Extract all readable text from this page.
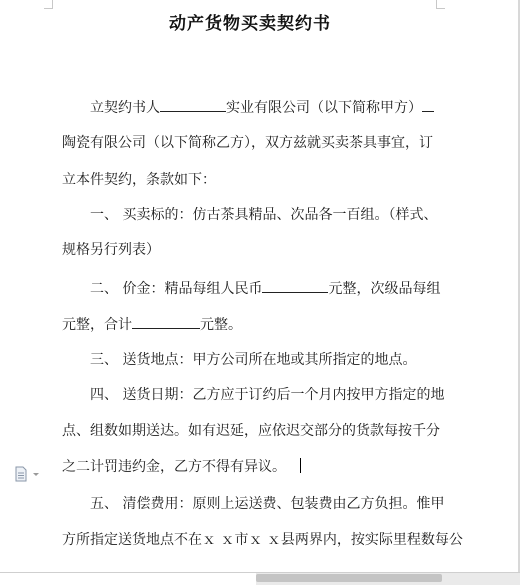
动产货物买卖契约书
立契约书人	实业有限公司（以下简称甲方）
陶瓷有限公司（以下简称乙方），双方兹就买卖茶具事宜，订
立本件契约，条款如下：
一、 买卖标的：仿古茶具精品、次品各一百组。（样式、
规格另行列表）
二、 价金：精品每组人民币	元整，次级品每组
元整，合计	元整。
三、 送货地点：甲方公司所在地或其所指定的地点。
四、 送货日期：乙方应于订约后一个月内按甲方指定的地
点、组数如期送达。如有迟延，应依迟交部分的货款每按千分
之二计罚违约金，乙方不得有异议。
五、 清偿费用：原则上运送费、包装费由乙方负担。惟甲
方所指定送货地点不在ｘ ｘ市ｘ ｘ县两界内，按实际里程数每公
